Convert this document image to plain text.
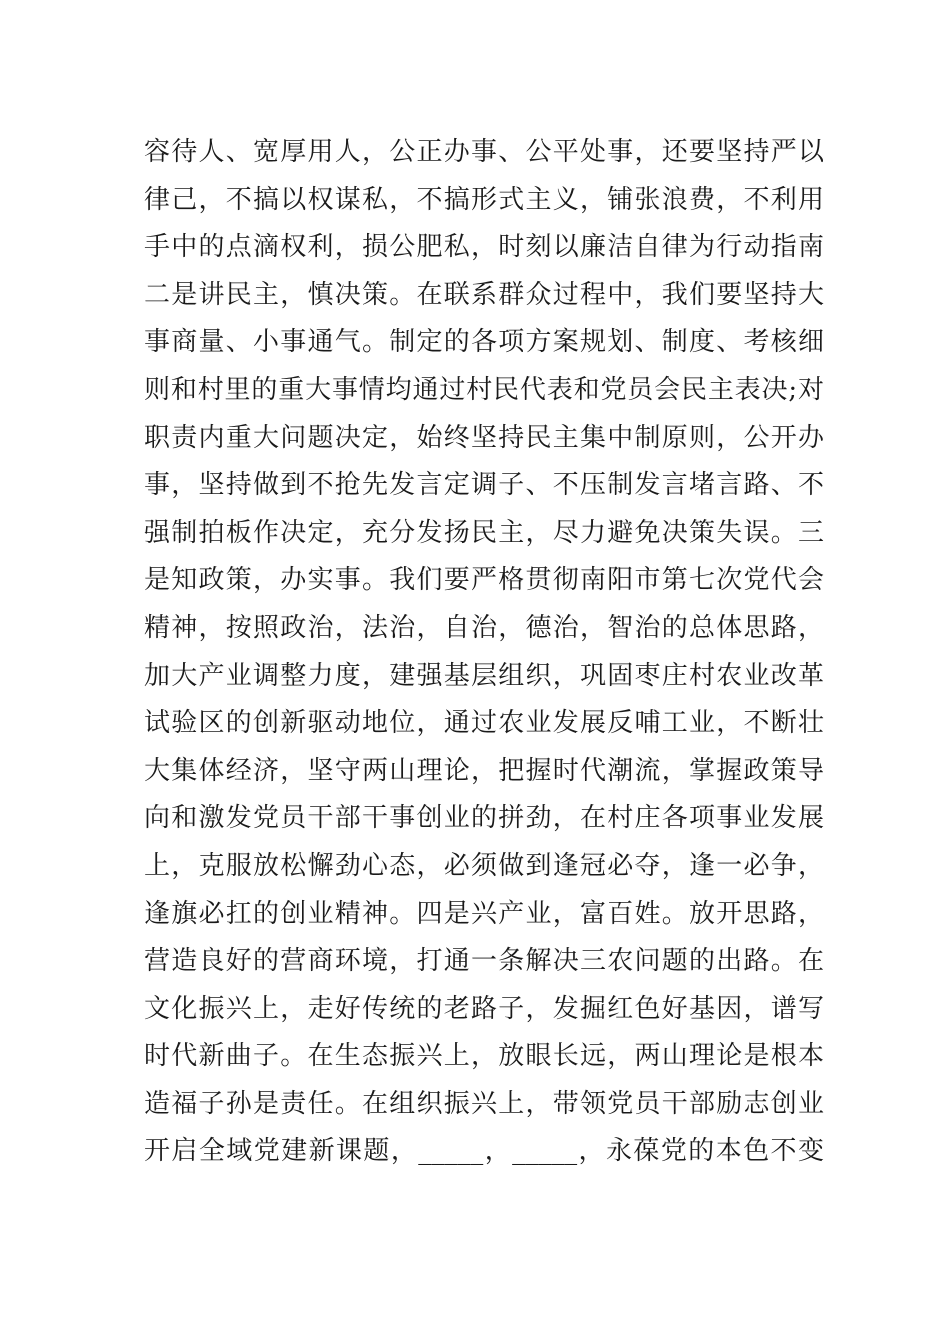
容待人、宽厚用人，公正办事、公平处事，还要坚持严以
律己，不搞以权谋私，不搞形式主义，铺张浪费，不利用
手中的点滴权利，损公肥私，时刻以廉洁自律为行动指南
二是讲民主，慎决策。在联系群众过程中，我们要坚持大
事商量、小事通气。制定的各项方案规划、制度、考核细
则和村里的重大事情均通过村民代表和党员会民主表决;对
职责内重大问题决定，始终坚持民主集中制原则，公开办
事，坚持做到不抢先发言定调子、不压制发言堵言路、不
强制拍板作决定，充分发扬民主，尽力避免决策失误。三
是知政策，办实事。我们要严格贯彻南阳市第七次党代会
精神，按照政治，法治，自治，德治，智治的总体思路，
加大产业调整力度，建强基层组织，巩固枣庄村农业改革
试验区的创新驱动地位，通过农业发展反哺工业，不断壮
大集体经济，坚守两山理论，把握时代潮流，掌握政策导
向和激发党员干部干事创业的拼劲，在村庄各项事业发展
上，克服放松懈劲心态，必须做到逢冠必夺，逢一必争，
逢旗必扛的创业精神。四是兴产业，富百姓。放开思路，
营造良好的营商环境，打通一条解决三农问题的出路。在
文化振兴上，走好传统的老路子，发掘红色好基因，谱写
时代新曲子。在生态振兴上，放眼长远，两山理论是根本
造福子孙是责任。在组织振兴上，带领党员干部励志创业
开启全域党建新课题，_____，_____，永葆党的本色不变
